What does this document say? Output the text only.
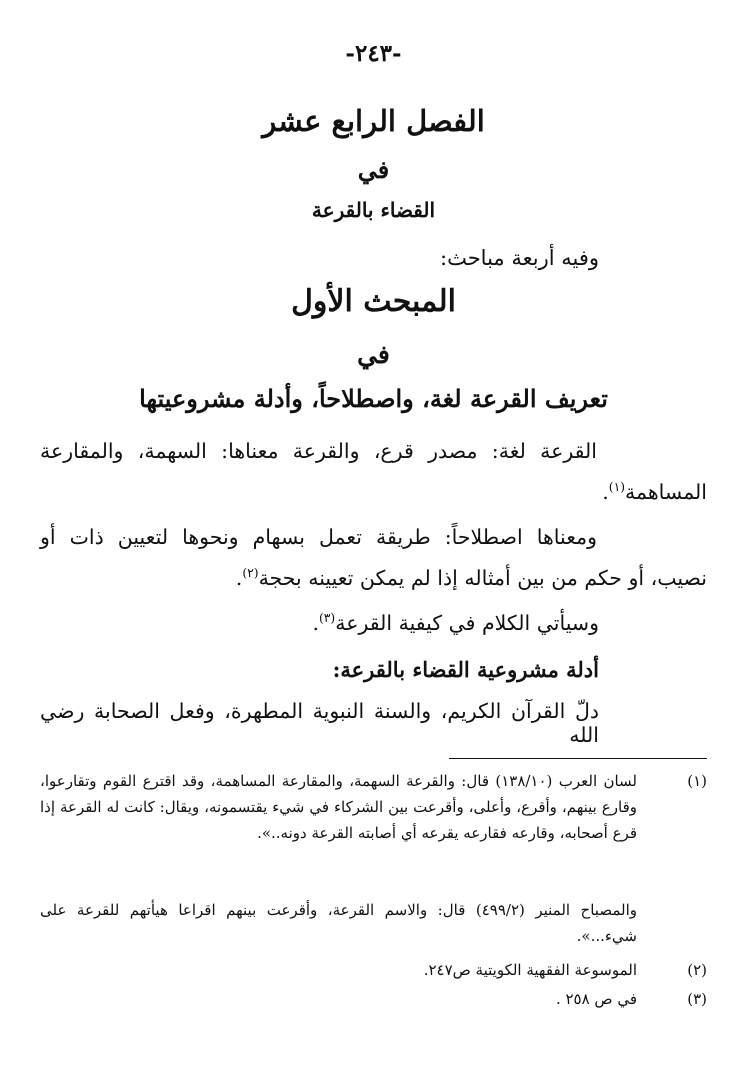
-٢٤٣-
الفصل الرابع عشر
في
القضاء بالقرعة
وفيه أربعة مباحث:
المبحث الأول
في
تعريف القرعة لغة، واصطلاحاً، وأدلة مشروعيتها
القرعة لغة: مصدر قرع، والقرعة معناها: السهمة، والمقارعة المساهمة$^{(١)}$.
ومعناها اصطلاحاً: طريقة تعمل بسهام ونحوها لتعيين ذات أو نصيب، أو حكم من بين أمثاله إذا لم يمكن تعيينه بحجة$^{(٢)}$.
وسيأتي الكلام في كيفية القرعة$^{(٣)}$.
أدلة مشروعية القضاء بالقرعة:
دلّ القرآن الكريم، والسنة النبوية المطهرة، وفعل الصحابة رضي الله
(١)
لسان العرب (١٣٨/١٠) قال: والقرعة السهمة، والمقارعة المساهمة، وقد اقترع القوم وتقارعوا، وقارع بينهم، وأقرع، وأعلى، وأقرعت بين الشركاء في شيء يقتسمونه، ويقال: كانت له القرعة إذا قرع أصحابه، وقارعه فقارعه يقرعه أي أصابته القرعة دونه..».
والمصباح المنير (٤٩٩/٢) قال: والاسم القرعة، وأقرعت بينهم اقراعا هيأتهم للقرعة على شيء...».
(٢)
الموسوعة الفقهية الكويتية ص٢٤٧.
(٣)
في ص ٢٥٨ .
